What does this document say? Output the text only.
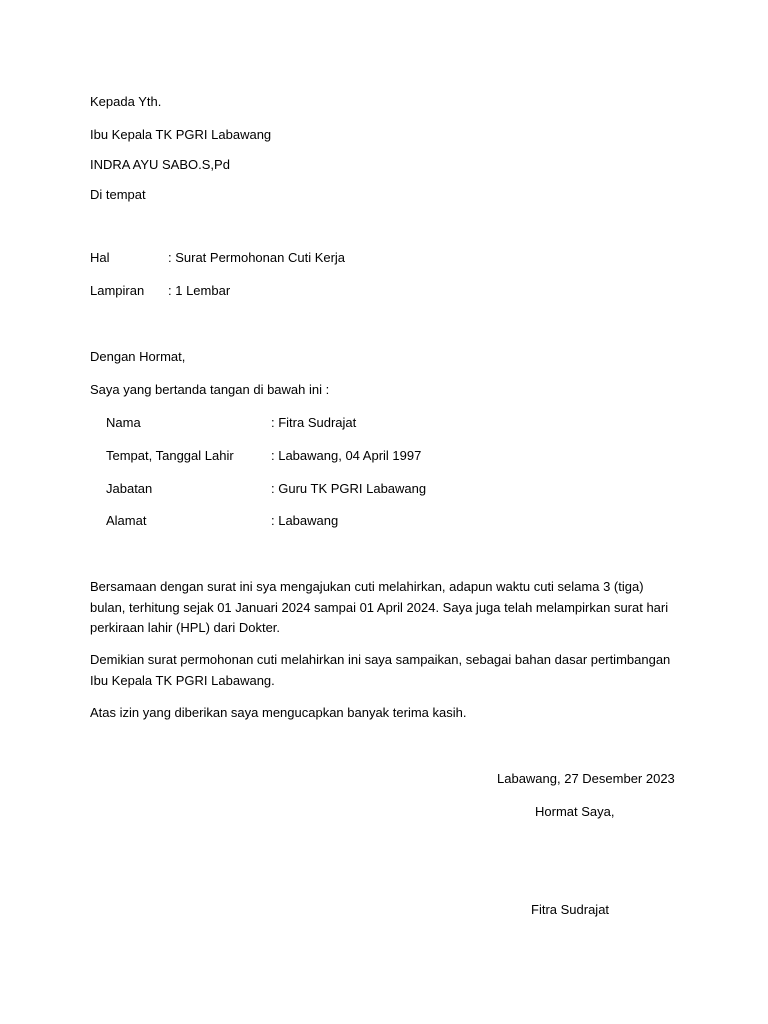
Kepada Yth.
Ibu Kepala TK PGRI Labawang
INDRA AYU SABO.S,Pd
Di tempat
Hal	: Surat Permohonan Cuti Kerja
Lampiran : 1 Lembar
Dengan Hormat,
Saya yang bertanda tangan di bawah ini :
Nama	: Fitra Sudrajat
Tempat, Tanggal Lahir	: Labawang, 04 April 1997
Jabatan	: Guru TK PGRI Labawang
Alamat	: Labawang
Bersamaan dengan surat ini sya mengajukan cuti melahirkan, adapun waktu cuti selama 3 (tiga) bulan, terhitung sejak 01 Januari 2024 sampai 01 April 2024. Saya juga telah melampirkan surat hari perkiraan lahir (HPL) dari Dokter.
Demikian surat permohonan cuti melahirkan ini saya sampaikan, sebagai bahan dasar pertimbangan Ibu Kepala TK PGRI Labawang.
Atas izin yang diberikan saya mengucapkan banyak terima kasih.
Labawang, 27 Desember 2023
Hormat Saya,
Fitra Sudrajat
